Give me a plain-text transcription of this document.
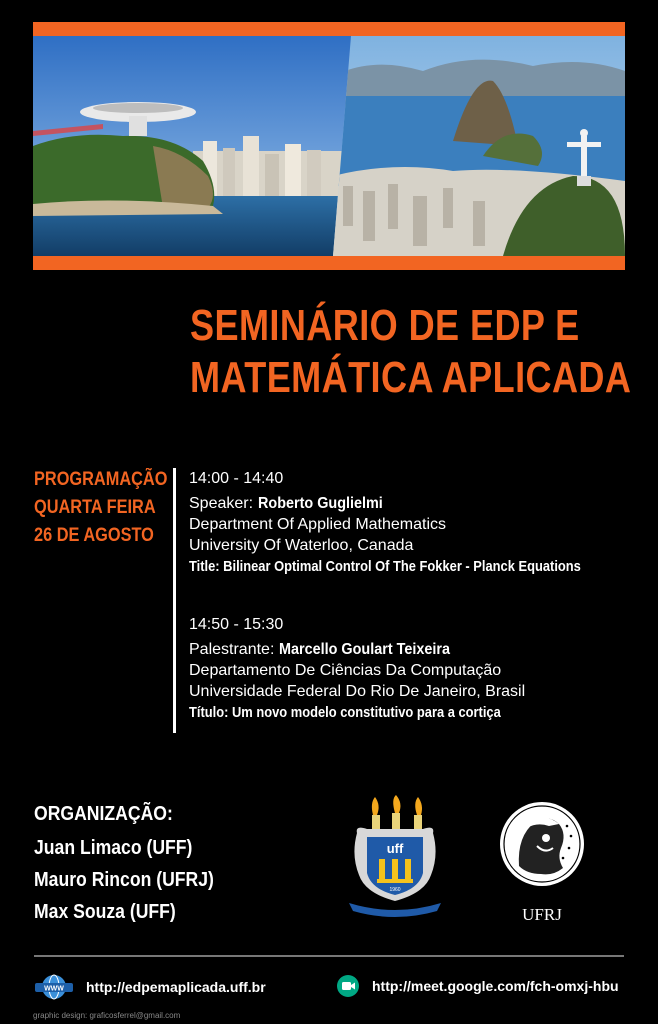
SEMINÁRIO DE EDP E
MATEMÁTICA APLICADA
PROGRAMAÇÃO
QUARTA FEIRA
26 DE AGOSTO
14:00 - 14:40
Speaker: Roberto Guglielmi
Department Of Applied Mathematics
University Of Waterloo, Canada
Title: Bilinear Optimal Control Of The Fokker - Planck Equations
14:50 - 15:30
Palestrante: Marcello Goulart Teixeira
Departamento De Ciências Da Computação
Universidade Federal Do Rio De Janeiro, Brasil
Título: Um novo modelo constitutivo para a cortiça
ORGANIZAÇÃO:
Juan Limaco (UFF)
Mauro Rincon (UFRJ)
Max Souza (UFF)
uff
1960
UFRJ
WWW http://edpemaplicada.uff.br	http://meet.google.com/fch-omxj-hbu
graphic design: graficosferrel@gmail.com
